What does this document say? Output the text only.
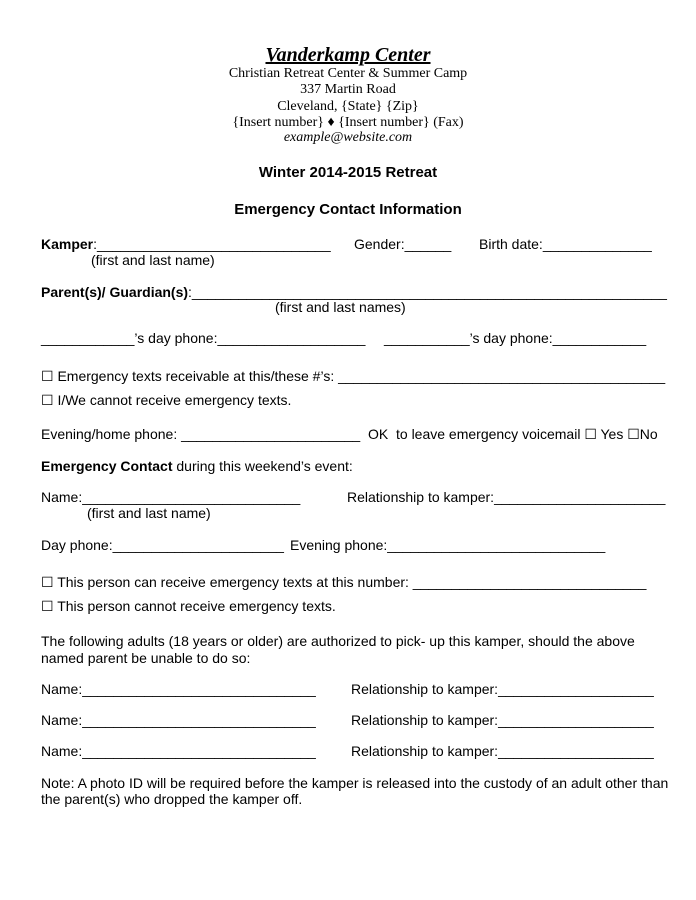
Vanderkamp Center
Christian Retreat Center & Summer Camp
337 Martin Road
Cleveland, {State} {Zip}
{Insert number} ♦ {Insert number} (Fax)
example@website.com
Winter 2014-2015 Retreat
Emergency Contact Information
Kamper:______________________________ Gender:______ Birth date:______________
(first and last name)
Parent(s)/ Guardian(s):_____________________________________________________________
(first and last names)
____________’s day phone:___________________ ___________’s day phone:____________
☐ Emergency texts receivable at this/these #’s: __________________________________________
☐ I/We cannot receive emergency texts.
Evening/home phone: _______________________ OK  to leave emergency voicemail ☐ Yes ☐No
Emergency Contact during this weekend’s event:
Name:____________________________	Relationship to kamper:______________________
(first and last name)
Day phone:______________________ Evening phone:____________________________
☐ This person can receive emergency texts at this number: ______________________________
☐ This person cannot receive emergency texts.
The following adults (18 years or older) are authorized to pick- up this kamper, should the above
named parent be unable to do so:
Name:______________________________	Relationship to kamper:____________________
Name:______________________________	Relationship to kamper:____________________
Name:______________________________	Relationship to kamper:____________________
Note: A photo ID will be required before the kamper is released into the custody of an adult other than
the parent(s) who dropped the kamper off.
